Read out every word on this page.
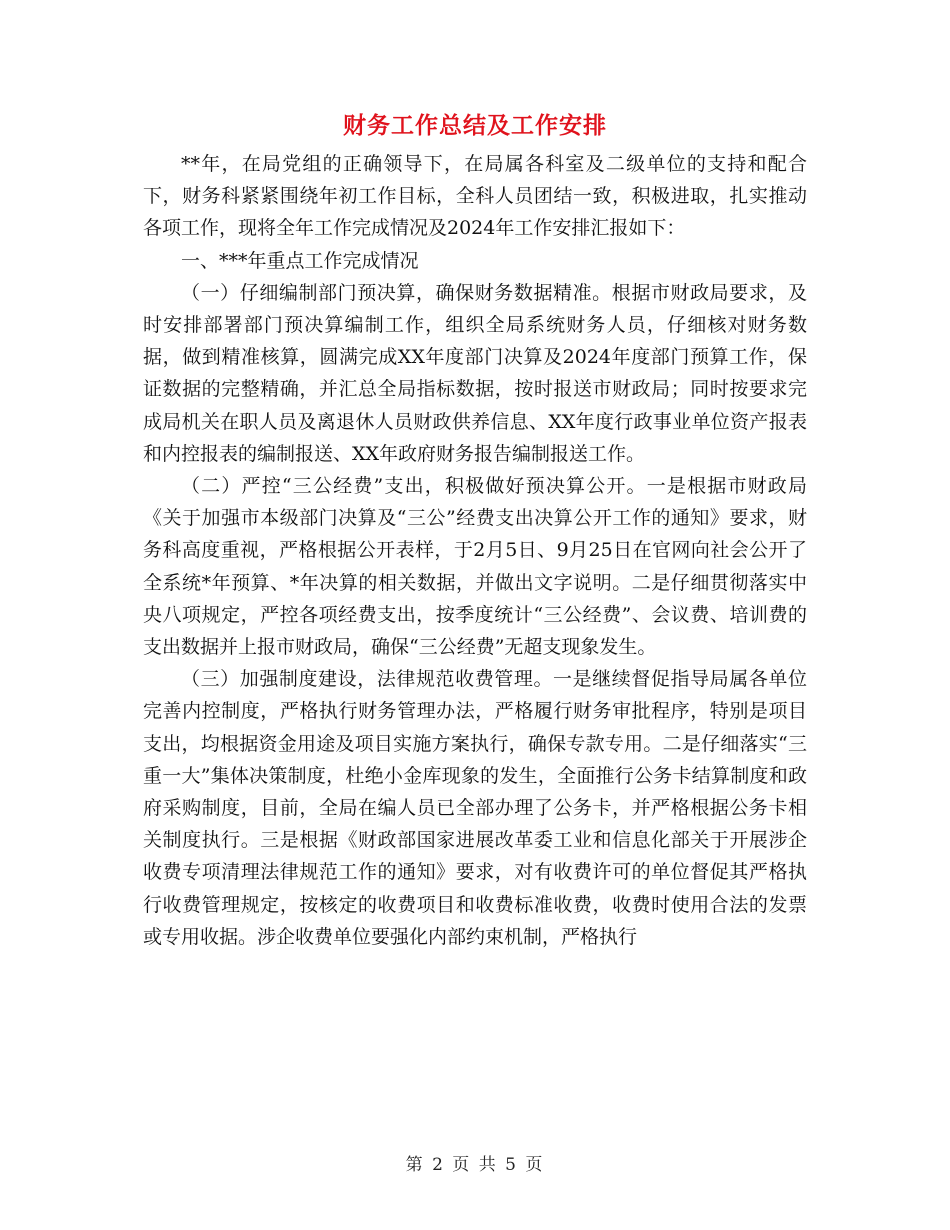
财务工作总结及工作安排

**年，在局党组的正确领导下，在局属各科室及二级单位的支持和配合下，财务科紧紧围绕年初工作目标，全科人员团结一致，积极进取，扎实推动各项工作，现将全年工作完成情况及2024年工作安排汇报如下：

一、***年重点工作完成情况

（一）仔细编制部门预决算，确保财务数据精准。根据市财政局要求，及时安排部署部门预决算编制工作，组织全局系统财务人员，仔细核对财务数据，做到精准核算，圆满完成XX年度部门决算及2024年度部门预算工作，保证数据的完整精确，并汇总全局指标数据，按时报送市财政局；同时按要求完成局机关在职人员及离退休人员财政供养信息、XX年度行政事业单位资产报表和内控报表的编制报送、XX年政府财务报告编制报送工作。

（二）严控“三公经费”支出，积极做好预决算公开。一是根据市财政局《关于加强市本级部门决算及“三公”经费支出决算公开工作的通知》要求，财务科高度重视，严格根据公开表样，于2月5日、9月25日在官网向社会公开了全系统*年预算、*年决算的相关数据，并做出文字说明。二是仔细贯彻落实中央八项规定，严控各项经费支出，按季度统计“三公经费”、会议费、培训费的支出数据并上报市财政局，确保“三公经费”无超支现象发生。

（三）加强制度建设，法律规范收费管理。一是继续督促指导局属各单位完善内控制度，严格执行财务管理办法，严格履行财务审批程序，特别是项目支出，均根据资金用途及项目实施方案执行，确保专款专用。二是仔细落实“三重一大”集体决策制度，杜绝小金库现象的发生，全面推行公务卡结算制度和政府采购制度，目前，全局在编人员已全部办理了公务卡，并严格根据公务卡相关制度执行。三是根据《财政部国家进展改革委工业和信息化部关于开展涉企收费专项清理法律规范工作的通知》要求，对有收费许可的单位督促其严格执行收费管理规定，按核定的收费项目和收费标准收费，收费时使用合法的发票或专用收据。涉企收费单位要强化内部约束机制，严格执行

第 2 页 共 5 页
